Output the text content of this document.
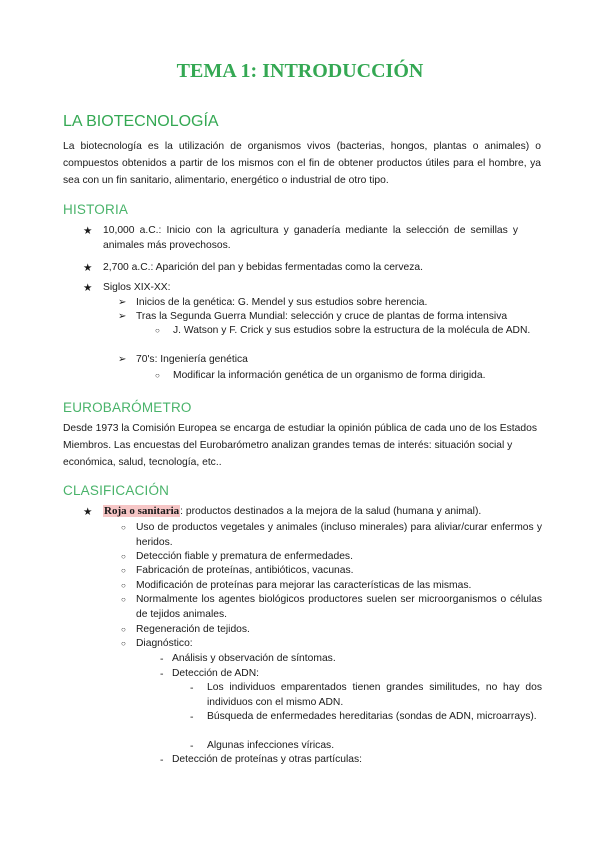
TEMA 1: INTRODUCCIÓN
LA BIOTECNOLOGÍA
La biotecnología es la utilización de organismos vivos (bacterias, hongos, plantas o animales) o compuestos obtenidos a partir de los mismos con el fin de obtener productos útiles para el hombre, ya sea con un fin sanitario, alimentario, energético o industrial de otro tipo.
HISTORIA
★ 10,000 a.C.: Inicio con la agricultura y ganadería mediante la selección de semillas y animales más provechosos.
★ 2,700 a.C.: Aparición del pan y bebidas fermentadas como la cerveza.
★ Siglos XIX-XX:
➢ Inicios de la genética: G. Mendel y sus estudios sobre herencia.
➢ Tras la Segunda Guerra Mundial: selección y cruce de plantas de forma intensiva
○ J. Watson y F. Crick y sus estudios sobre la estructura de la molécula de ADN.
➢ 70's: Ingeniería genética
○ Modificar la información genética de un organismo de forma dirigida.
EUROBARÓMETRO
Desde 1973 la Comisión Europea se encarga de estudiar la opinión pública de cada uno de los Estados Miembros. Las encuestas del Eurobarómetro analizan grandes temas de interés: situación social y económica, salud, tecnología, etc..
CLASIFICACIÓN
★ Roja o sanitaria: productos destinados a la mejora de la salud (humana y animal).
○ Uso de productos vegetales y animales (incluso minerales) para aliviar/curar enfermos y heridos.
○ Detección fiable y prematura de enfermedades.
○ Fabricación de proteínas, antibióticos, vacunas.
○ Modificación de proteínas para mejorar las características de las mismas.
○ Normalmente los agentes biológicos productores suelen ser microorganismos o células de tejidos animales.
○ Regeneración de tejidos.
○ Diagnóstico:
- Análisis y observación de síntomas.
- Detección de ADN:
- Los individuos emparentados tienen grandes similitudes, no hay dos individuos con el mismo ADN.
- Búsqueda de enfermedades hereditarias (sondas de ADN, microarrays).
- Algunas infecciones víricas.
- Detección de proteínas y otras partículas:
